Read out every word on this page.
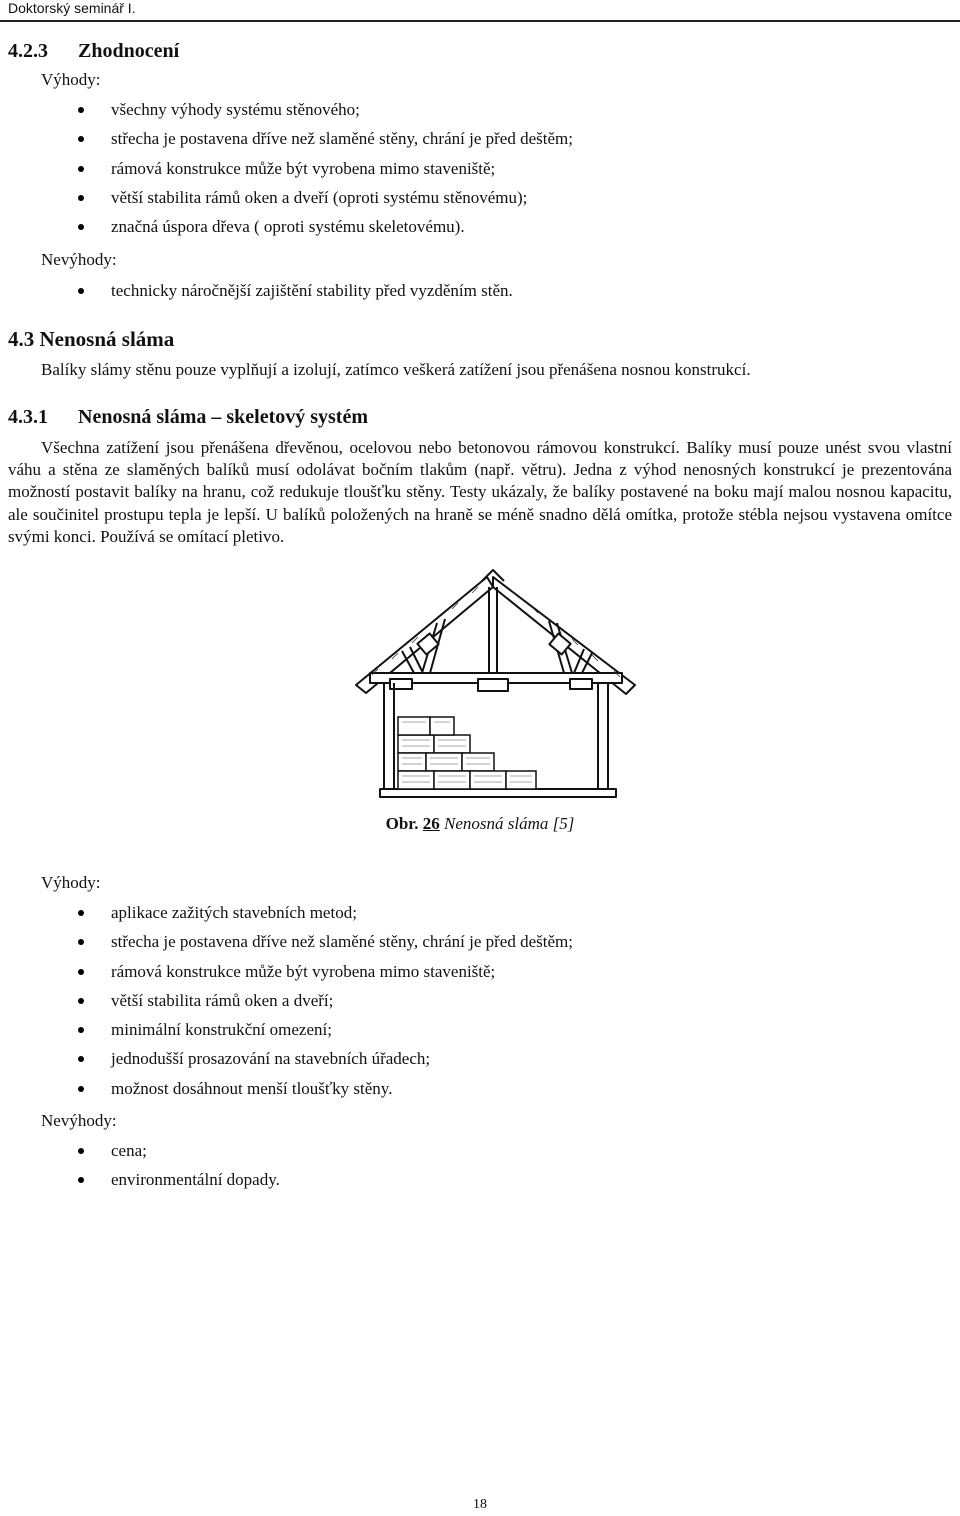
Doktorský seminář I.
4.2.3 Zhodnocení
Výhody:
všechny výhody systému stěnového;
střecha je postavena dříve než slaměné stěny, chrání je před deštěm;
rámová konstrukce může být vyrobena mimo staveniště;
větší stabilita rámů oken a dveří (oproti systému stěnovému);
značná úspora dřeva ( oproti systému skeletovému).
Nevýhody:
technicky náročnější zajištění stability před vyzděním stěn.
4.3 Nenosná sláma
Balíky slámy stěnu pouze vyplňují a izolují, zatímco veškerá zatížení jsou přenášena nosnou konstrukcí.
4.3.1 Nenosná sláma – skeletový systém
Všechna zatížení jsou přenášena dřevěnou, ocelovou nebo betonovou rámovou konstrukcí. Balíky musí pouze unést svou vlastní váhu a stěna ze slaměných balíků musí odolávat bočním tlakům (např. větru). Jedna z výhod nenosných konstrukcí je prezentována možností postavit balíky na hranu, což redukuje tloušťku stěny. Testy ukázaly, že balíky postavené na boku mají malou nosnou kapacitu, ale součinitel prostupu tepla je lepší. U balíků položených na hraně se méně snadno dělá omítka, protože stébla nejsou vystavena omítce svými konci. Používá se omítací pletivo.
Obr. 26 Nenosná sláma [5]
Výhody:
aplikace zažitých stavebních metod;
střecha je postavena dříve než slaměné stěny, chrání je před deštěm;
rámová konstrukce může být vyrobena mimo staveniště;
větší stabilita rámů oken a dveří;
minimální konstrukční omezení;
jednodušší prosazování na stavebních úřadech;
možnost dosáhnout menší tloušťky stěny.
Nevýhody:
cena;
environmentální dopady.
18
